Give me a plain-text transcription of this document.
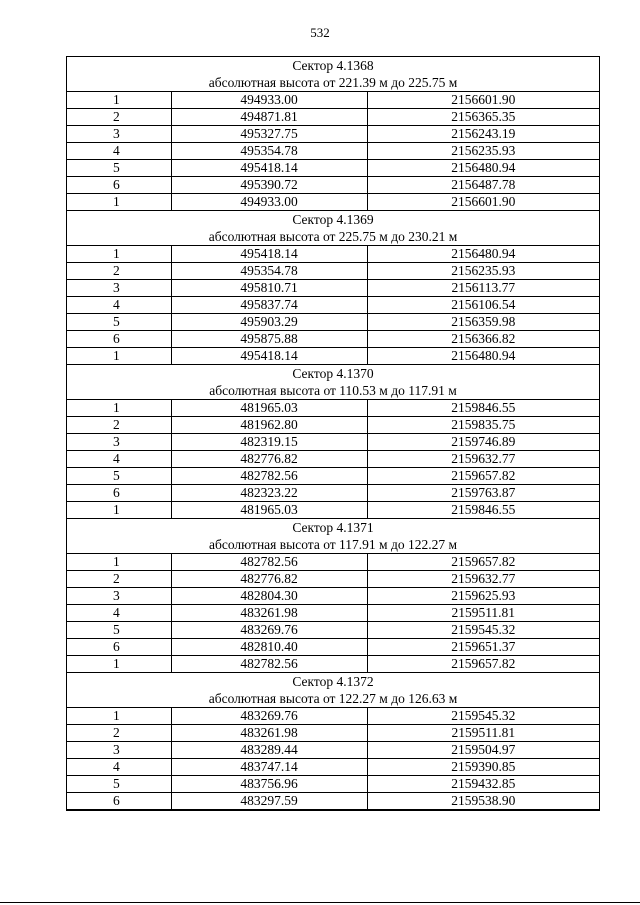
532
Сектор 4.1368
абсолютная высота от 221.39 м до 225.75 м		

1	494933.00	2156601.90
2	494871.81	2156365.35
3	495327.75	2156243.19
4	495354.78	2156235.93
5	495418.14	2156480.94
6	495390.72	2156487.78
1	494933.00	2156601.90
Сектор 4.1369
абсолютная высота от 225.75 м до 230.21 м		

1	495418.14	2156480.94
2	495354.78	2156235.93
3	495810.71	2156113.77
4	495837.74	2156106.54
5	495903.29	2156359.98
6	495875.88	2156366.82
1	495418.14	2156480.94
Сектор 4.1370
абсолютная высота от 110.53 м до 117.91 м		

1	481965.03	2159846.55
2	481962.80	2159835.75
3	482319.15	2159746.89
4	482776.82	2159632.77
5	482782.56	2159657.82
6	482323.22	2159763.87
1	481965.03	2159846.55
Сектор 4.1371
абсолютная высота от 117.91 м до 122.27 м		

1	482782.56	2159657.82
2	482776.82	2159632.77
3	482804.30	2159625.93
4	483261.98	2159511.81
5	483269.76	2159545.32
6	482810.40	2159651.37
1	482782.56	2159657.82
Сектор 4.1372
абсолютная высота от 122.27 м до 126.63 м		

1	483269.76	2159545.32
2	483261.98	2159511.81
3	483289.44	2159504.97
4	483747.14	2159390.85
5	483756.96	2159432.85
6	483297.59	2159538.90
